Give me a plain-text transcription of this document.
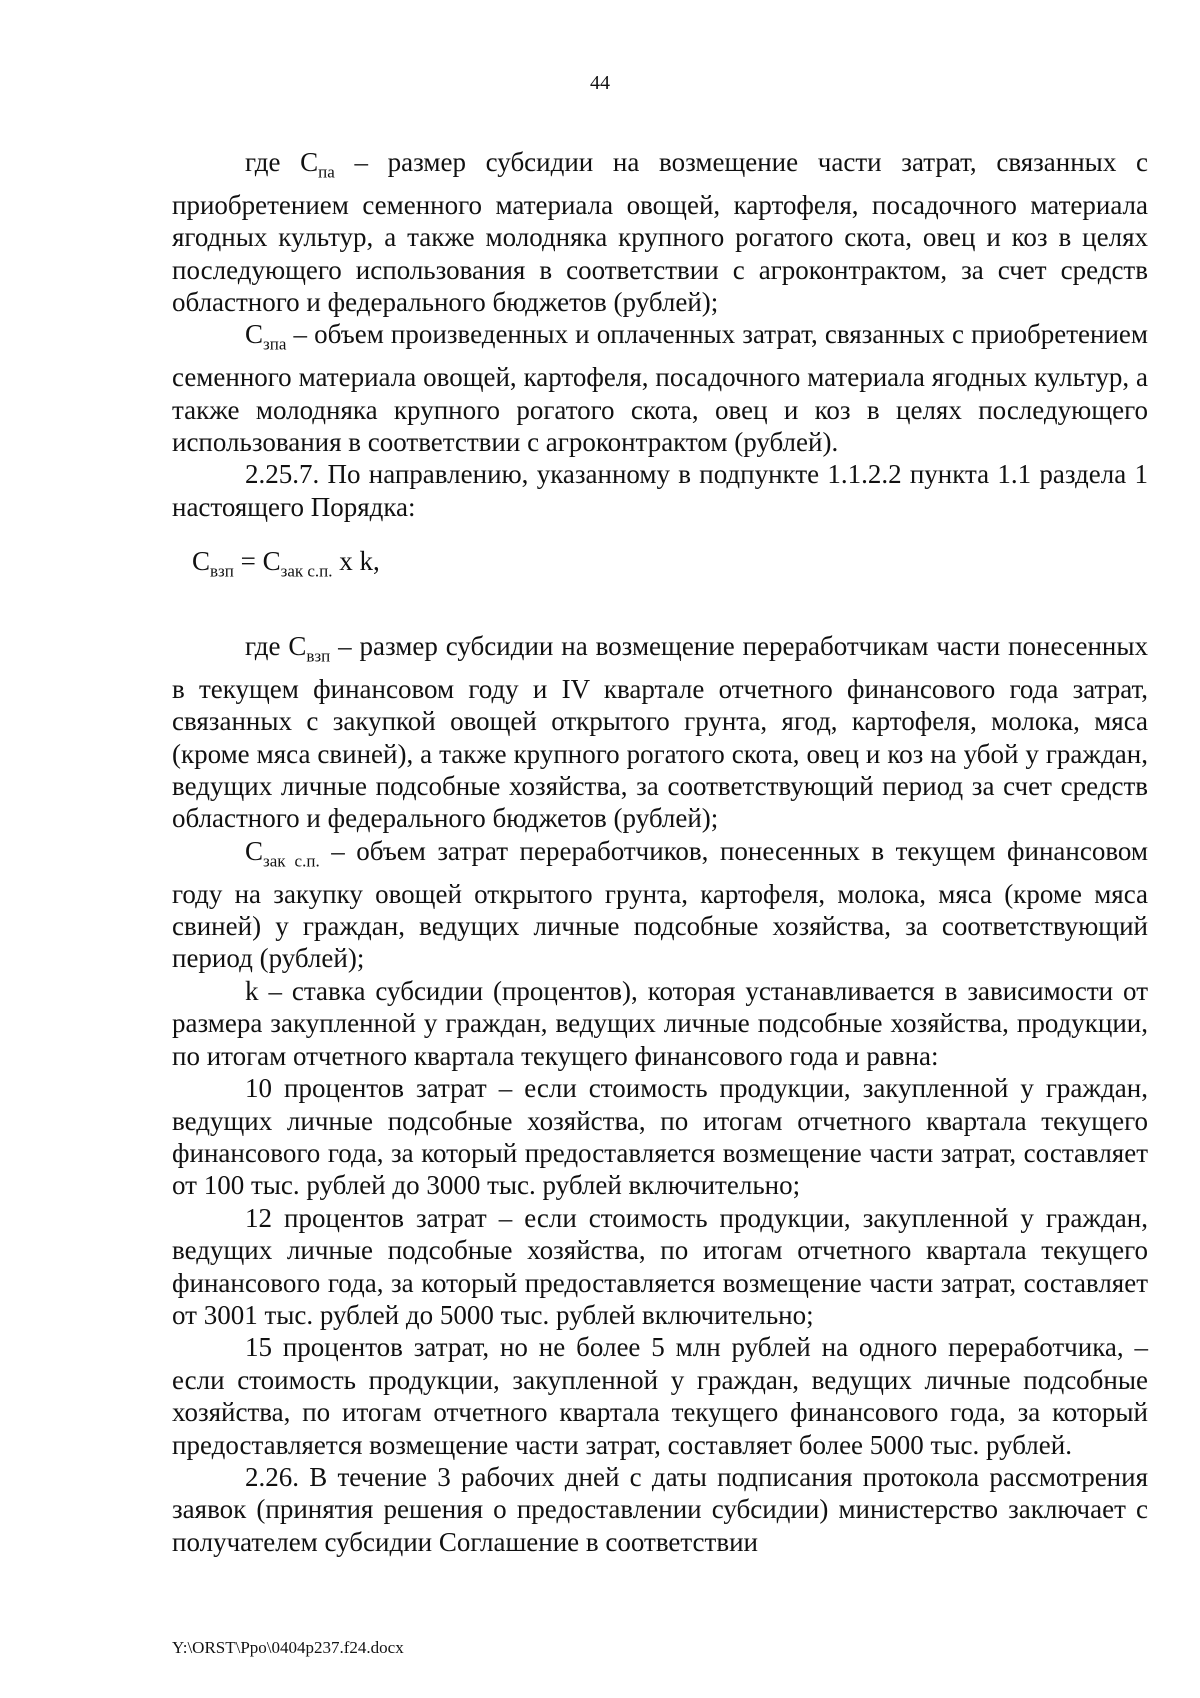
44

где $С_{па}$ – размер субсидии на возмещение части затрат, связанных с приобретением семенного материала овощей, картофеля, посадочного материала ягодных культур, а также молодняка крупного рогатого скота, овец и коз в целях последующего использования в соответствии с агроконтрактом, за счет средств областного и федерального бюджетов (рублей);

$С_{зпа}$ – объем произведенных и оплаченных затрат, связанных с приобретением семенного материала овощей, картофеля, посадочного материала ягодных культур, а также молодняка крупного рогатого скота, овец и коз в целях последующего использования в соответствии с агроконтрактом (рублей).

2.25.7. По направлению, указанному в подпункте 1.1.2.2 пункта 1.1 раздела 1 настоящего Порядка:

$С_{взп} = С_{зак с.п.}$ x k,

где $С_{взп}$ – размер субсидии на возмещение переработчикам части понесенных в текущем финансовом году и IV квартале отчетного финансового года затрат, связанных с закупкой овощей открытого грунта, ягод, картофеля, молока, мяса (кроме мяса свиней), а также крупного рогатого скота, овец и коз на убой у граждан, ведущих личные подсобные хозяйства, за соответствующий период за счет средств областного и федерального бюджетов (рублей);

$С_{зак с.п.}$ – объем затрат переработчиков, понесенных в текущем финансовом году на закупку овощей открытого грунта, картофеля, молока, мяса (кроме мяса свиней) у граждан, ведущих личные подсобные хозяйства, за соответствующий период (рублей);

k – ставка субсидии (процентов), которая устанавливается в зависимости от размера закупленной у граждан, ведущих личные подсобные хозяйства, продукции, по итогам отчетного квартала текущего финансового года и равна:

10 процентов затрат – если стоимость продукции, закупленной у граждан, ведущих личные подсобные хозяйства, по итогам отчетного квартала текущего финансового года, за который предоставляется возмещение части затрат, составляет от 100 тыс. рублей до 3000 тыс. рублей включительно;

12 процентов затрат – если стоимость продукции, закупленной у граждан, ведущих личные подсобные хозяйства, по итогам отчетного квартала текущего финансового года, за который предоставляется возмещение части затрат, составляет от 3001 тыс. рублей до 5000 тыс. рублей включительно;

15 процентов затрат, но не более 5 млн рублей на одного переработчика, – если стоимость продукции, закупленной у граждан, ведущих личные подсобные хозяйства, по итогам отчетного квартала текущего финансового года, за который предоставляется возмещение части затрат, составляет более 5000 тыс. рублей.

2.26. В течение 3 рабочих дней с даты подписания протокола рассмотрения заявок (принятия решения о предоставлении субсидии) министерство заключает с получателем субсидии Соглашение в соответствии

Y:\ORST\Ppo\0404p237.f24.docx
